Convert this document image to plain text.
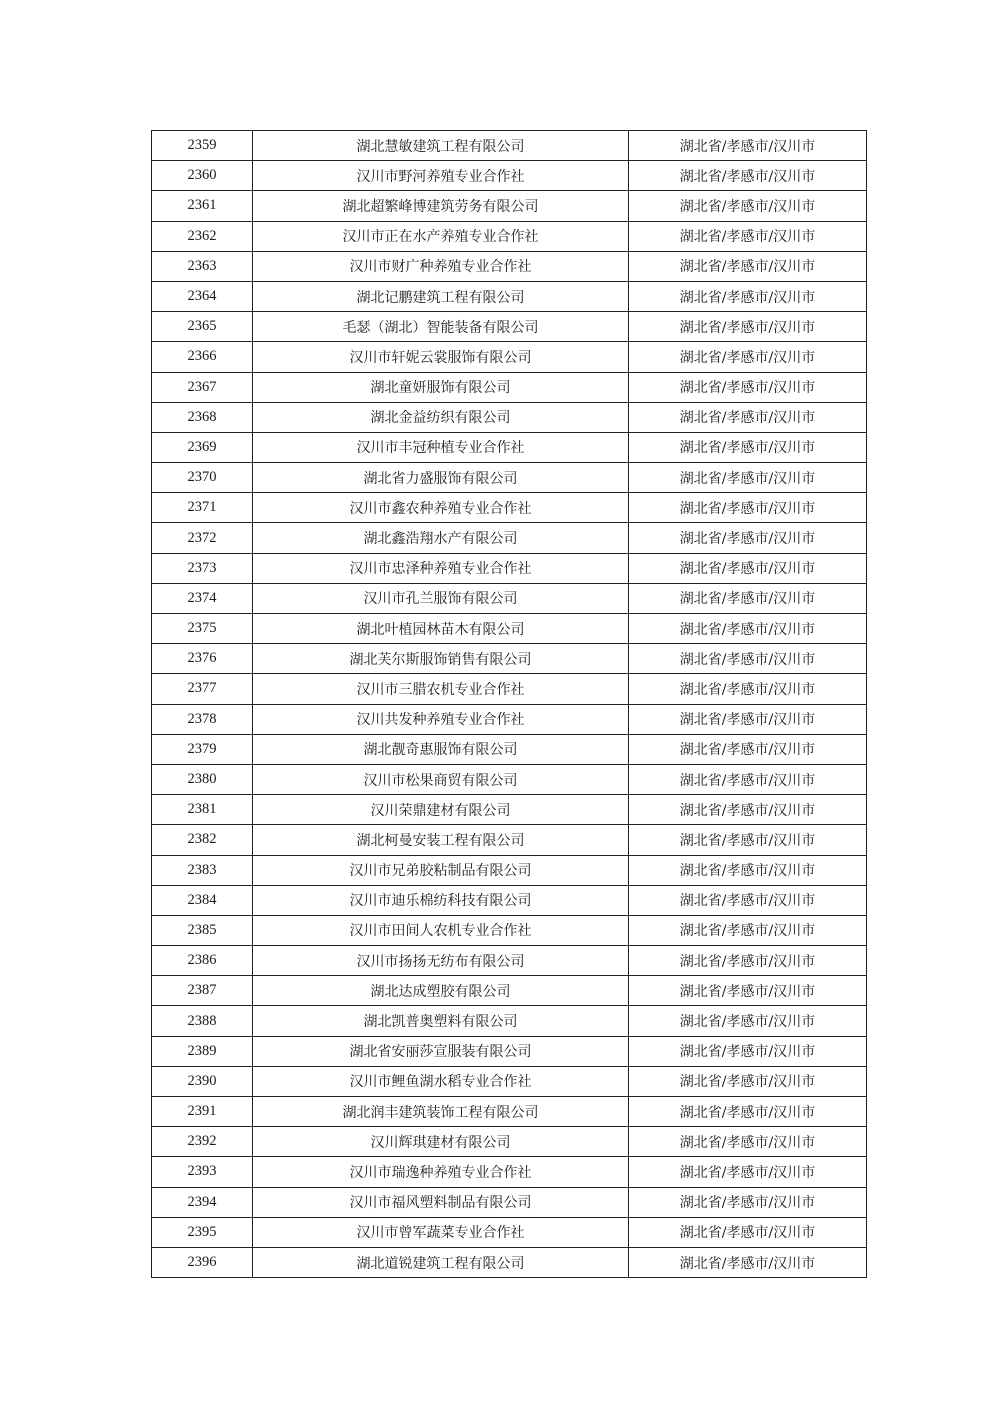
2359	湖北慧敏建筑工程有限公司	湖北省/孝感市/汉川市
2360	汉川市野河养殖专业合作社	湖北省/孝感市/汉川市
2361	湖北超繁峰博建筑劳务有限公司	湖北省/孝感市/汉川市
2362	汉川市正在水产养殖专业合作社	湖北省/孝感市/汉川市
2363	汉川市财广种养殖专业合作社	湖北省/孝感市/汉川市
2364	湖北记鹏建筑工程有限公司	湖北省/孝感市/汉川市
2365	毛瑟（湖北）智能装备有限公司	湖北省/孝感市/汉川市
2366	汉川市轩妮云裳服饰有限公司	湖北省/孝感市/汉川市
2367	湖北童妍服饰有限公司	湖北省/孝感市/汉川市
2368	湖北金益纺织有限公司	湖北省/孝感市/汉川市
2369	汉川市丰冠种植专业合作社	湖北省/孝感市/汉川市
2370	湖北省力盛服饰有限公司	湖北省/孝感市/汉川市
2371	汉川市鑫农种养殖专业合作社	湖北省/孝感市/汉川市
2372	湖北鑫浩翔水产有限公司	湖北省/孝感市/汉川市
2373	汉川市忠泽种养殖专业合作社	湖北省/孝感市/汉川市
2374	汉川市孔兰服饰有限公司	湖北省/孝感市/汉川市
2375	湖北叶植园林苗木有限公司	湖北省/孝感市/汉川市
2376	湖北芙尔斯服饰销售有限公司	湖北省/孝感市/汉川市
2377	汉川市三腊农机专业合作社	湖北省/孝感市/汉川市
2378	汉川共发种养殖专业合作社	湖北省/孝感市/汉川市
2379	湖北靓奇惠服饰有限公司	湖北省/孝感市/汉川市
2380	汉川市松果商贸有限公司	湖北省/孝感市/汉川市
2381	汉川荣鼎建材有限公司	湖北省/孝感市/汉川市
2382	湖北柯曼安装工程有限公司	湖北省/孝感市/汉川市
2383	汉川市兄弟胶粘制品有限公司	湖北省/孝感市/汉川市
2384	汉川市迪乐棉纺科技有限公司	湖北省/孝感市/汉川市
2385	汉川市田间人农机专业合作社	湖北省/孝感市/汉川市
2386	汉川市扬扬无纺布有限公司	湖北省/孝感市/汉川市
2387	湖北达成塑胶有限公司	湖北省/孝感市/汉川市
2388	湖北凯普奥塑料有限公司	湖北省/孝感市/汉川市
2389	湖北省安丽莎宣服装有限公司	湖北省/孝感市/汉川市
2390	汉川市鲤鱼湖水稻专业合作社	湖北省/孝感市/汉川市
2391	湖北润丰建筑装饰工程有限公司	湖北省/孝感市/汉川市
2392	汉川辉琪建材有限公司	湖北省/孝感市/汉川市
2393	汉川市瑞逸种养殖专业合作社	湖北省/孝感市/汉川市
2394	汉川市福风塑料制品有限公司	湖北省/孝感市/汉川市
2395	汉川市曾军蔬菜专业合作社	湖北省/孝感市/汉川市
2396	湖北道锐建筑工程有限公司	湖北省/孝感市/汉川市
